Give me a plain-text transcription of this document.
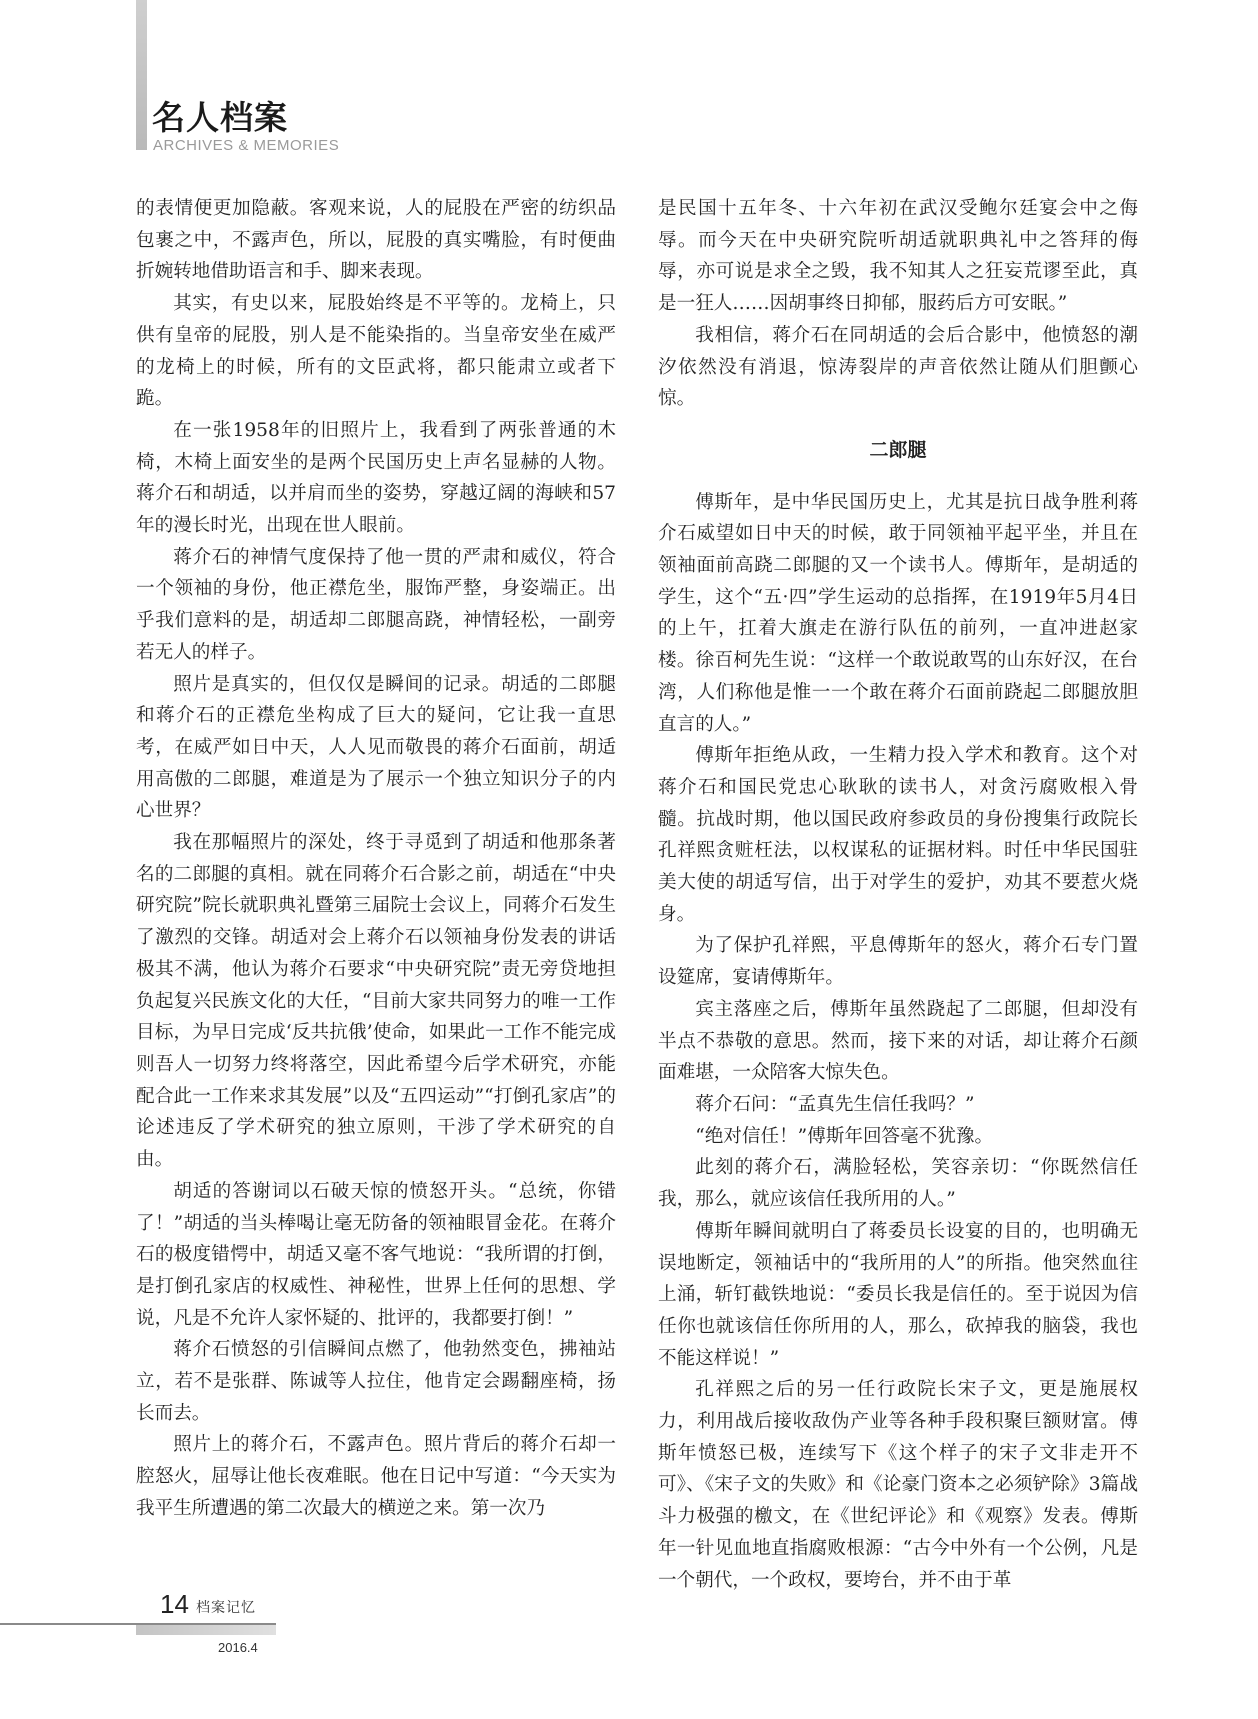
名人档案
ARCHIVES & MEMORIES

的表情便更加隐蔽。客观来说，人的屁股在严密的纺织品包裹之中，不露声色，所以，屁股的真实嘴脸，有时便曲折婉转地借助语言和手、脚来表现。

其实，有史以来，屁股始终是不平等的。龙椅上，只供有皇帝的屁股，别人是不能染指的。当皇帝安坐在威严的龙椅上的时候，所有的文臣武将，都只能肃立或者下跪。

在一张1958年的旧照片上，我看到了两张普通的木椅，木椅上面安坐的是两个民国历史上声名显赫的人物。蒋介石和胡适，以并肩而坐的姿势，穿越辽阔的海峡和57年的漫长时光，出现在世人眼前。

蒋介石的神情气度保持了他一贯的严肃和威仪，符合一个领袖的身份，他正襟危坐，服饰严整，身姿端正。出乎我们意料的是，胡适却二郎腿高跷，神情轻松，一副旁若无人的样子。

照片是真实的，但仅仅是瞬间的记录。胡适的二郎腿和蒋介石的正襟危坐构成了巨大的疑问，它让我一直思考，在威严如日中天，人人见而敬畏的蒋介石面前，胡适用高傲的二郎腿，难道是为了展示一个独立知识分子的内心世界？

我在那幅照片的深处，终于寻觅到了胡适和他那条著名的二郎腿的真相。就在同蒋介石合影之前，胡适在“中央研究院”院长就职典礼暨第三届院士会议上，同蒋介石发生了激烈的交锋。胡适对会上蒋介石以领袖身份发表的讲话极其不满，他认为蒋介石要求“中央研究院”责无旁贷地担负起复兴民族文化的大任，“目前大家共同努力的唯一工作目标，为早日完成‘反共抗俄’使命，如果此一工作不能完成则吾人一切努力终将落空，因此希望今后学术研究，亦能配合此一工作来求其发展”以及“五四运动”“打倒孔家店”的论述违反了学术研究的独立原则，干涉了学术研究的自由。

胡适的答谢词以石破天惊的愤怒开头。“总统，你错了！”胡适的当头棒喝让毫无防备的领袖眼冒金花。在蒋介石的极度错愕中，胡适又毫不客气地说：“我所谓的打倒，是打倒孔家店的权威性、神秘性，世界上任何的思想、学说，凡是不允许人家怀疑的、批评的，我都要打倒！”

蒋介石愤怒的引信瞬间点燃了，他勃然变色，拂袖站立，若不是张群、陈诚等人拉住，他肯定会踢翻座椅，扬长而去。

照片上的蒋介石，不露声色。照片背后的蒋介石却一腔怒火，屈辱让他长夜难眠。他在日记中写道：“今天实为我平生所遭遇的第二次最大的横逆之来。第一次乃

是民国十五年冬、十六年初在武汉受鲍尔廷宴会中之侮辱。而今天在中央研究院听胡适就职典礼中之答拜的侮辱，亦可说是求全之毁，我不知其人之狂妄荒谬至此，真是一狂人……因胡事终日抑郁，服药后方可安眠。”

我相信，蒋介石在同胡适的会后合影中，他愤怒的潮汐依然没有消退，惊涛裂岸的声音依然让随从们胆颤心惊。

二郎腿

傅斯年，是中华民国历史上，尤其是抗日战争胜利蒋介石威望如日中天的时候，敢于同领袖平起平坐，并且在领袖面前高跷二郎腿的又一个读书人。傅斯年，是胡适的学生，这个“五·四”学生运动的总指挥，在1919年5月4日的上午，扛着大旗走在游行队伍的前列，一直冲进赵家楼。徐百柯先生说：“这样一个敢说敢骂的山东好汉，在台湾，人们称他是惟一一个敢在蒋介石面前跷起二郎腿放胆直言的人。”

傅斯年拒绝从政，一生精力投入学术和教育。这个对蒋介石和国民党忠心耿耿的读书人，对贪污腐败根入骨髓。抗战时期，他以国民政府参政员的身份搜集行政院长孔祥熙贪赃枉法，以权谋私的证据材料。时任中华民国驻美大使的胡适写信，出于对学生的爱护，劝其不要惹火烧身。

为了保护孔祥熙，平息傅斯年的怒火，蒋介石专门置设筵席，宴请傅斯年。

宾主落座之后，傅斯年虽然跷起了二郎腿，但却没有半点不恭敬的意思。然而，接下来的对话，却让蒋介石颜面难堪，一众陪客大惊失色。

蒋介石问：“孟真先生信任我吗？”

“绝对信任！”傅斯年回答毫不犹豫。

此刻的蒋介石，满脸轻松，笑容亲切：“你既然信任我，那么，就应该信任我所用的人。”

傅斯年瞬间就明白了蒋委员长设宴的目的，也明确无误地断定，领袖话中的“我所用的人”的所指。他突然血往上涌，斩钉截铁地说：“委员长我是信任的。至于说因为信任你也就该信任你所用的人，那么，砍掉我的脑袋，我也不能这样说！”

孔祥熙之后的另一任行政院长宋子文，更是施展权力，利用战后接收敌伪产业等各种手段积聚巨额财富。傅斯年愤怒已极，连续写下《这个样子的宋子文非走开不可》、《宋子文的失败》和《论豪门资本之必须铲除》3篇战斗力极强的檄文，在《世纪评论》和《观察》发表。傅斯年一针见血地直指腐败根源：“古今中外有一个公例，凡是一个朝代，一个政权，要垮台，并不由于革

14 档案记忆
2016.4
